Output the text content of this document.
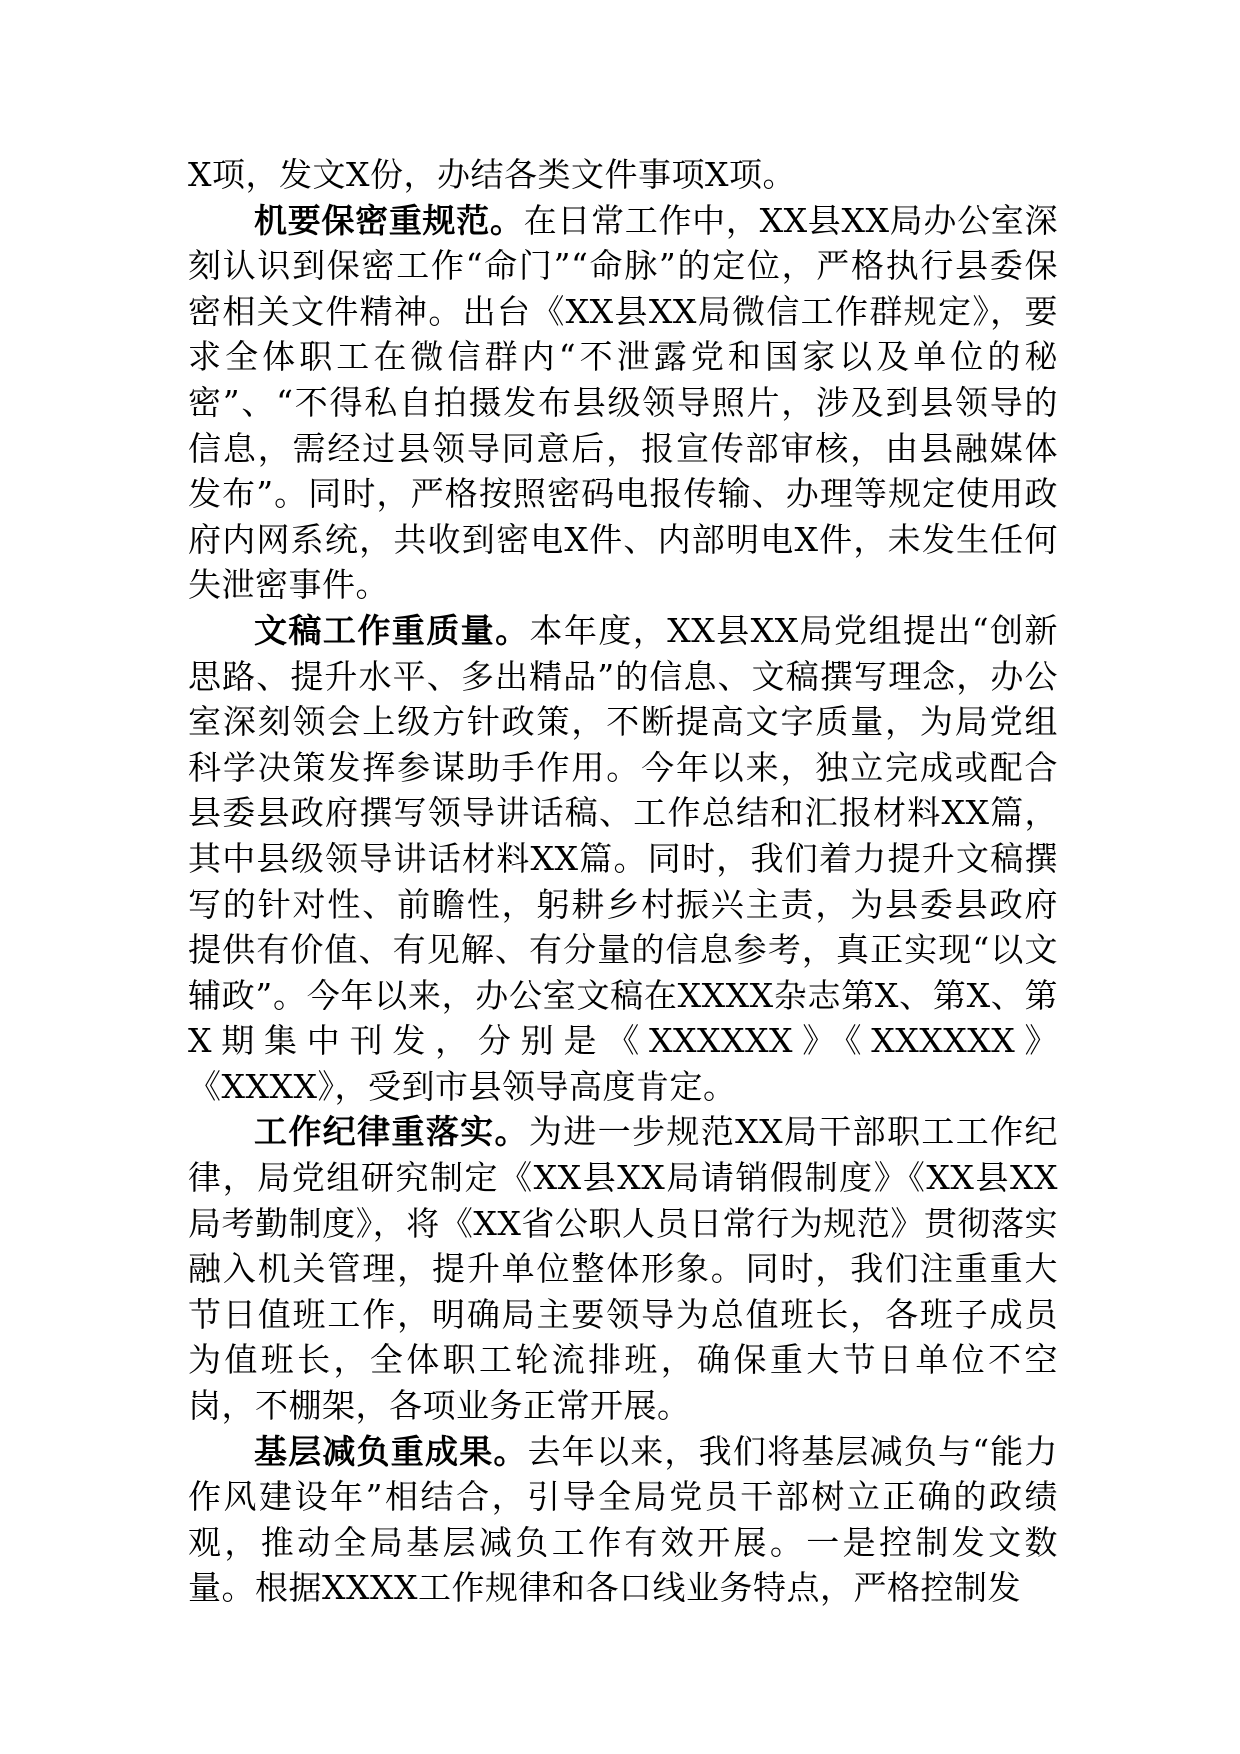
X项，发文X份，办结各类文件事项X项。

机要保密重规范。在日常工作中，XX县XX局办公室深刻认识到保密工作“命门”“命脉”的定位，严格执行县委保密相关文件精神。出台《XX县XX局微信工作群规定》，要求全体职工在微信群内“不泄露党和国家以及单位的秘密”、“不得私自拍摄发布县级领导照片，涉及到县领导的信息，需经过县领导同意后，报宣传部审核，由县融媒体发布”。同时，严格按照密码电报传输、办理等规定使用政府内网系统，共收到密电X件、内部明电X件，未发生任何失泄密事件。

文稿工作重质量。本年度，XX县XX局党组提出“创新思路、提升水平、多出精品”的信息、文稿撰写理念，办公室深刻领会上级方针政策，不断提高文字质量，为局党组科学决策发挥参谋助手作用。今年以来，独立完成或配合县委县政府撰写领导讲话稿、工作总结和汇报材料XX篇，其中县级领导讲话材料XX篇。同时，我们着力提升文稿撰写的针对性、前瞻性，躬耕乡村振兴主责，为县委县政府提供有价值、有见解、有分量的信息参考，真正实现“以文辅政”。今年以来，办公室文稿在XXXX杂志第X、第X、第X期集中刊发，分别是《XXXXXX》《XXXXXX》《XXXX》，受到市县领导高度肯定。

工作纪律重落实。为进一步规范XX局干部职工工作纪律，局党组研究制定《XX县XX局请销假制度》《XX县XX局考勤制度》，将《XX省公职人员日常行为规范》贯彻落实融入机关管理，提升单位整体形象。同时，我们注重重大节日值班工作，明确局主要领导为总值班长，各班子成员为值班长，全体职工轮流排班，确保重大节日单位不空岗，不棚架，各项业务正常开展。

基层减负重成果。去年以来，我们将基层减负与“能力作风建设年”相结合，引导全局党员干部树立正确的政绩观，推动全局基层减负工作有效开展。一是控制发文数量。根据XXXX工作规律和各口线业务特点，严格控制发
